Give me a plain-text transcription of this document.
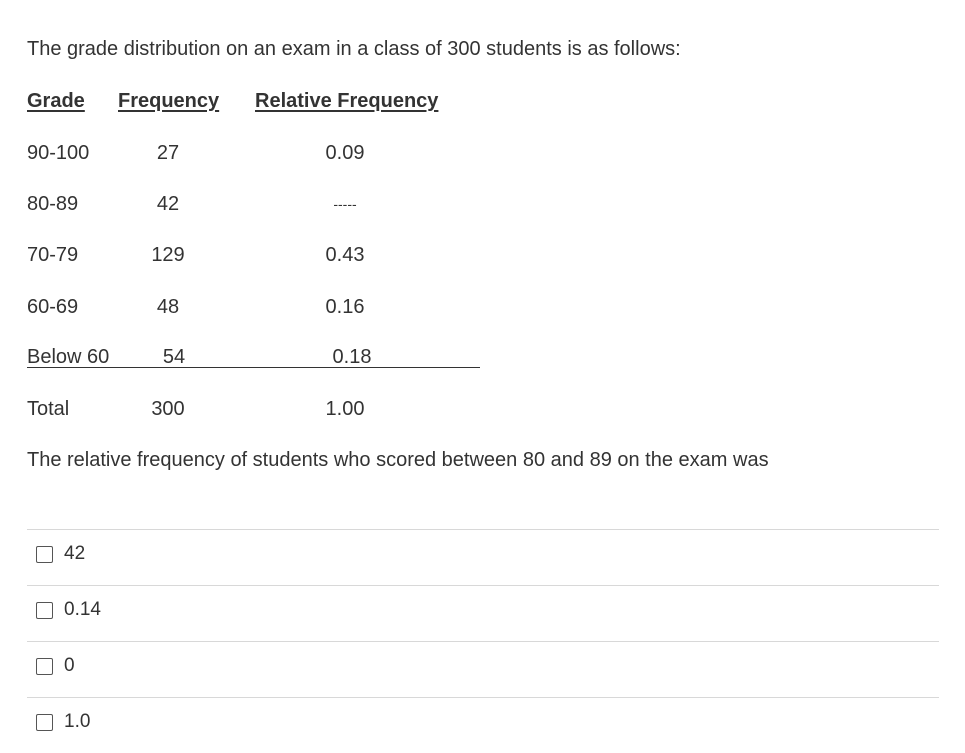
The grade distribution on an exam in a class of 300 students is as follows:
Grade Frequency Relative Frequency
90-100	27	0.09
80-89	42	-----
70-79	129	0.43
60-69	48	0.16
Below 60	54	0.18
Total	300	1.00
The relative frequency of students who scored between 80 and 89 on the exam was
42
0.14
0
1.0
